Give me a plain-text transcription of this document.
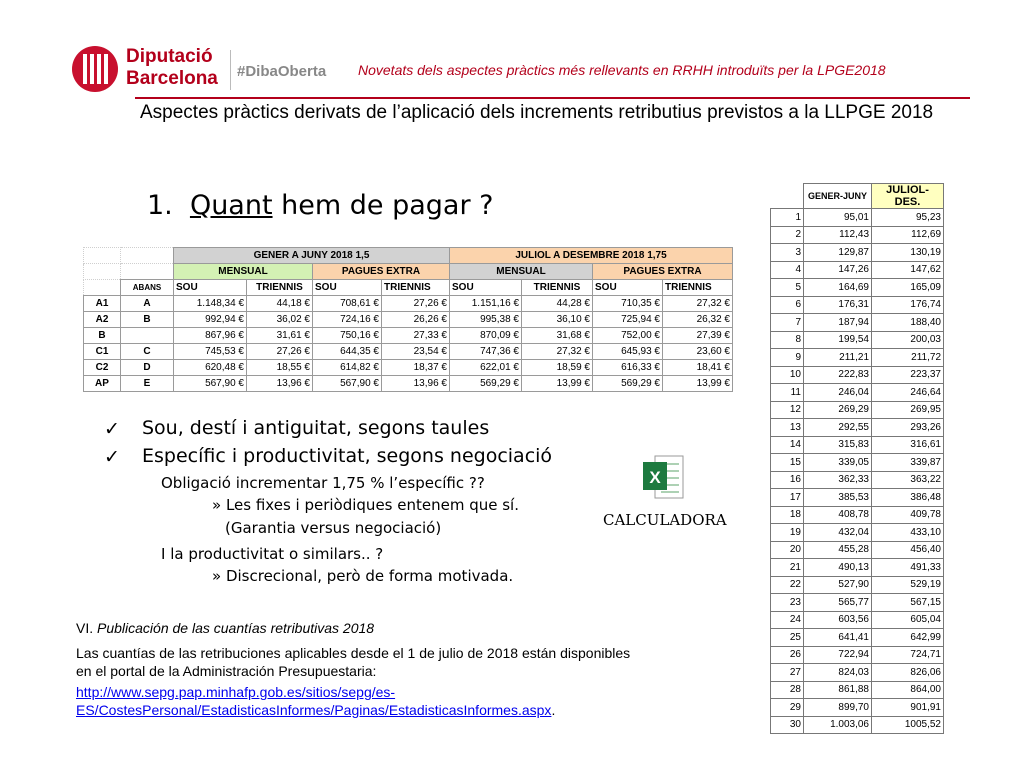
Diputació
Barcelona #DibaOberta Novetats dels aspectes pràctics més rellevants en RRHH introduïts per la LPGE2018
Aspectes pràctics derivats de l’aplicació dels increments retributius previstos a la LLPGE 2018
1. Quant hem de pagar ?
		GENER A JUNY 2018 1,5				JULIOL A DESEMBRE 2018 1,75			
		MENSUAL		PAGUES EXTRA		MENSUAL		PAGUES EXTRA	
	ABANS	SOU	TRIENNIS	SOU	TRIENNIS	SOU	TRIENNIS	SOU	TRIENNIS
A1	A	1.148,34 €	44,18 €	708,61 €	27,26 €	1.151,16 €	44,28 €	710,35 €	27,32 €
A2	B	992,94 €	36,02 €	724,16 €	26,26 €	995,38 €	36,10 €	725,94 €	26,32 €
B		867,96 €	31,61 €	750,16 €	27,33 €	870,09 €	31,68 €	752,00 €	27,39 €
C1	C	745,53 €	27,26 €	644,35 €	23,54 €	747,36 €	27,32 €	645,93 €	23,60 €
C2	D	620,48 €	18,55 €	614,82 €	18,37 €	622,01 €	18,59 €	616,33 €	18,41 €
AP	E	567,90 €	13,96 €	567,90 €	13,96 €	569,29 €	13,99 €	569,29 €	13,99 €
	GENER-JUNY	JULIOL-DES.
1	95,01	95,23
2	112,43	112,69
3	129,87	130,19
4	147,26	147,62
5	164,69	165,09
6	176,31	176,74
7	187,94	188,40
8	199,54	200,03
9	211,21	211,72
10	222,83	223,37
11	246,04	246,64
12	269,29	269,95
13	292,55	293,26
14	315,83	316,61
15	339,05	339,87
16	362,33	363,22
17	385,53	386,48
18	408,78	409,78
19	432,04	433,10
20	455,28	456,40
21	490,13	491,33
22	527,90	529,19
23	565,77	567,15
24	603,56	605,04
25	641,41	642,99
26	722,94	724,71
27	824,03	826,06
28	861,88	864,00
29	899,70	901,91
30	1.003,06	1005,52
✓ Sou, destí i antiguitat, segons taules
✓ Específic i productivitat, segons negociació
Obligació incrementar 1,75 % l’específic ??
» Les fixes i periòdiques entenem que sí.
(Garantia versus negociació)
I la productivitat o similars.. ?
» Discrecional, però de forma motivada.
X
CALCULADORA
VI. Publicación de las cuantías retributivas 2018
Las cuantías de las retribuciones aplicables desde el 1 de julio de 2018 están disponibles
en el portal de la Administración Presupuestaria:
http://www.sepg.pap.minhafp.gob.es/sitios/sepg/es-
ES/CostesPersonal/EstadisticasInformes/Paginas/EstadisticasInformes.aspx.
